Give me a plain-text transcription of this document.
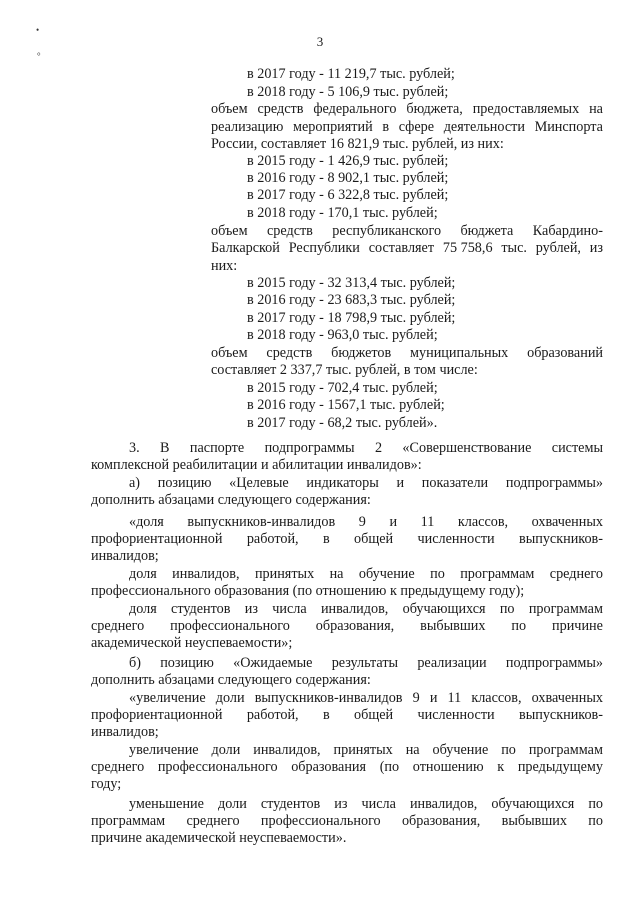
3
•
°
в 2017 году - 11 219,7 тыс. рублей;
в 2018 году - 5 106,9 тыс. рублей;
объем средств федерального бюджета, предоставляемых на
реализацию мероприятий в сфере деятельности Минспорта
России, составляет 16 821,9 тыс. рублей, из них:
в 2015 году - 1 426,9 тыс. рублей;
в 2016 году - 8 902,1 тыс. рублей;
в 2017 году - 6 322,8 тыс. рублей;
в 2018 году - 170,1 тыс. рублей;
объем средств республиканского бюджета Кабардино-
Балкарской Республики составляет 75 758,6 тыс. рублей, из
них:
в 2015 году - 32 313,4 тыс. рублей;
в 2016 году - 23 683,3 тыс. рублей;
в 2017 году - 18 798,9 тыс. рублей;
в 2018 году - 963,0 тыс. рублей;
объем средств бюджетов муниципальных образований
составляет 2 337,7 тыс. рублей, в том числе:
в 2015 году - 702,4 тыс. рублей;
в 2016 году - 1567,1 тыс. рублей;
в 2017 году - 68,2 тыс. рублей».
3. В паспорте подпрограммы 2 «Совершенствование системы
комплексной реабилитации и абилитации инвалидов»:
а) позицию «Целевые индикаторы и показатели подпрограммы»
дополнить абзацами следующего содержания:
«доля выпускников-инвалидов 9 и 11 классов, охваченных
профориентационной работой, в общей численности выпускников-
инвалидов;
доля инвалидов, принятых на обучение по программам среднего
профессионального образования (по отношению к предыдущему году);
доля студентов из числа инвалидов, обучающихся по программам
среднего профессионального образования, выбывших по причине
академической неуспеваемости»;
б) позицию «Ожидаемые результаты реализации подпрограммы»
дополнить абзацами следующего содержания:
«увеличение доли выпускников-инвалидов 9 и 11 классов, охваченных
профориентационной работой, в общей численности выпускников-
инвалидов;
увеличение доли инвалидов, принятых на обучение по программам
среднего профессионального образования (по отношению к предыдущему
году;
уменьшение доли студентов из числа инвалидов, обучающихся по
программам среднего профессионального образования, выбывших по
причине академической неуспеваемости».
